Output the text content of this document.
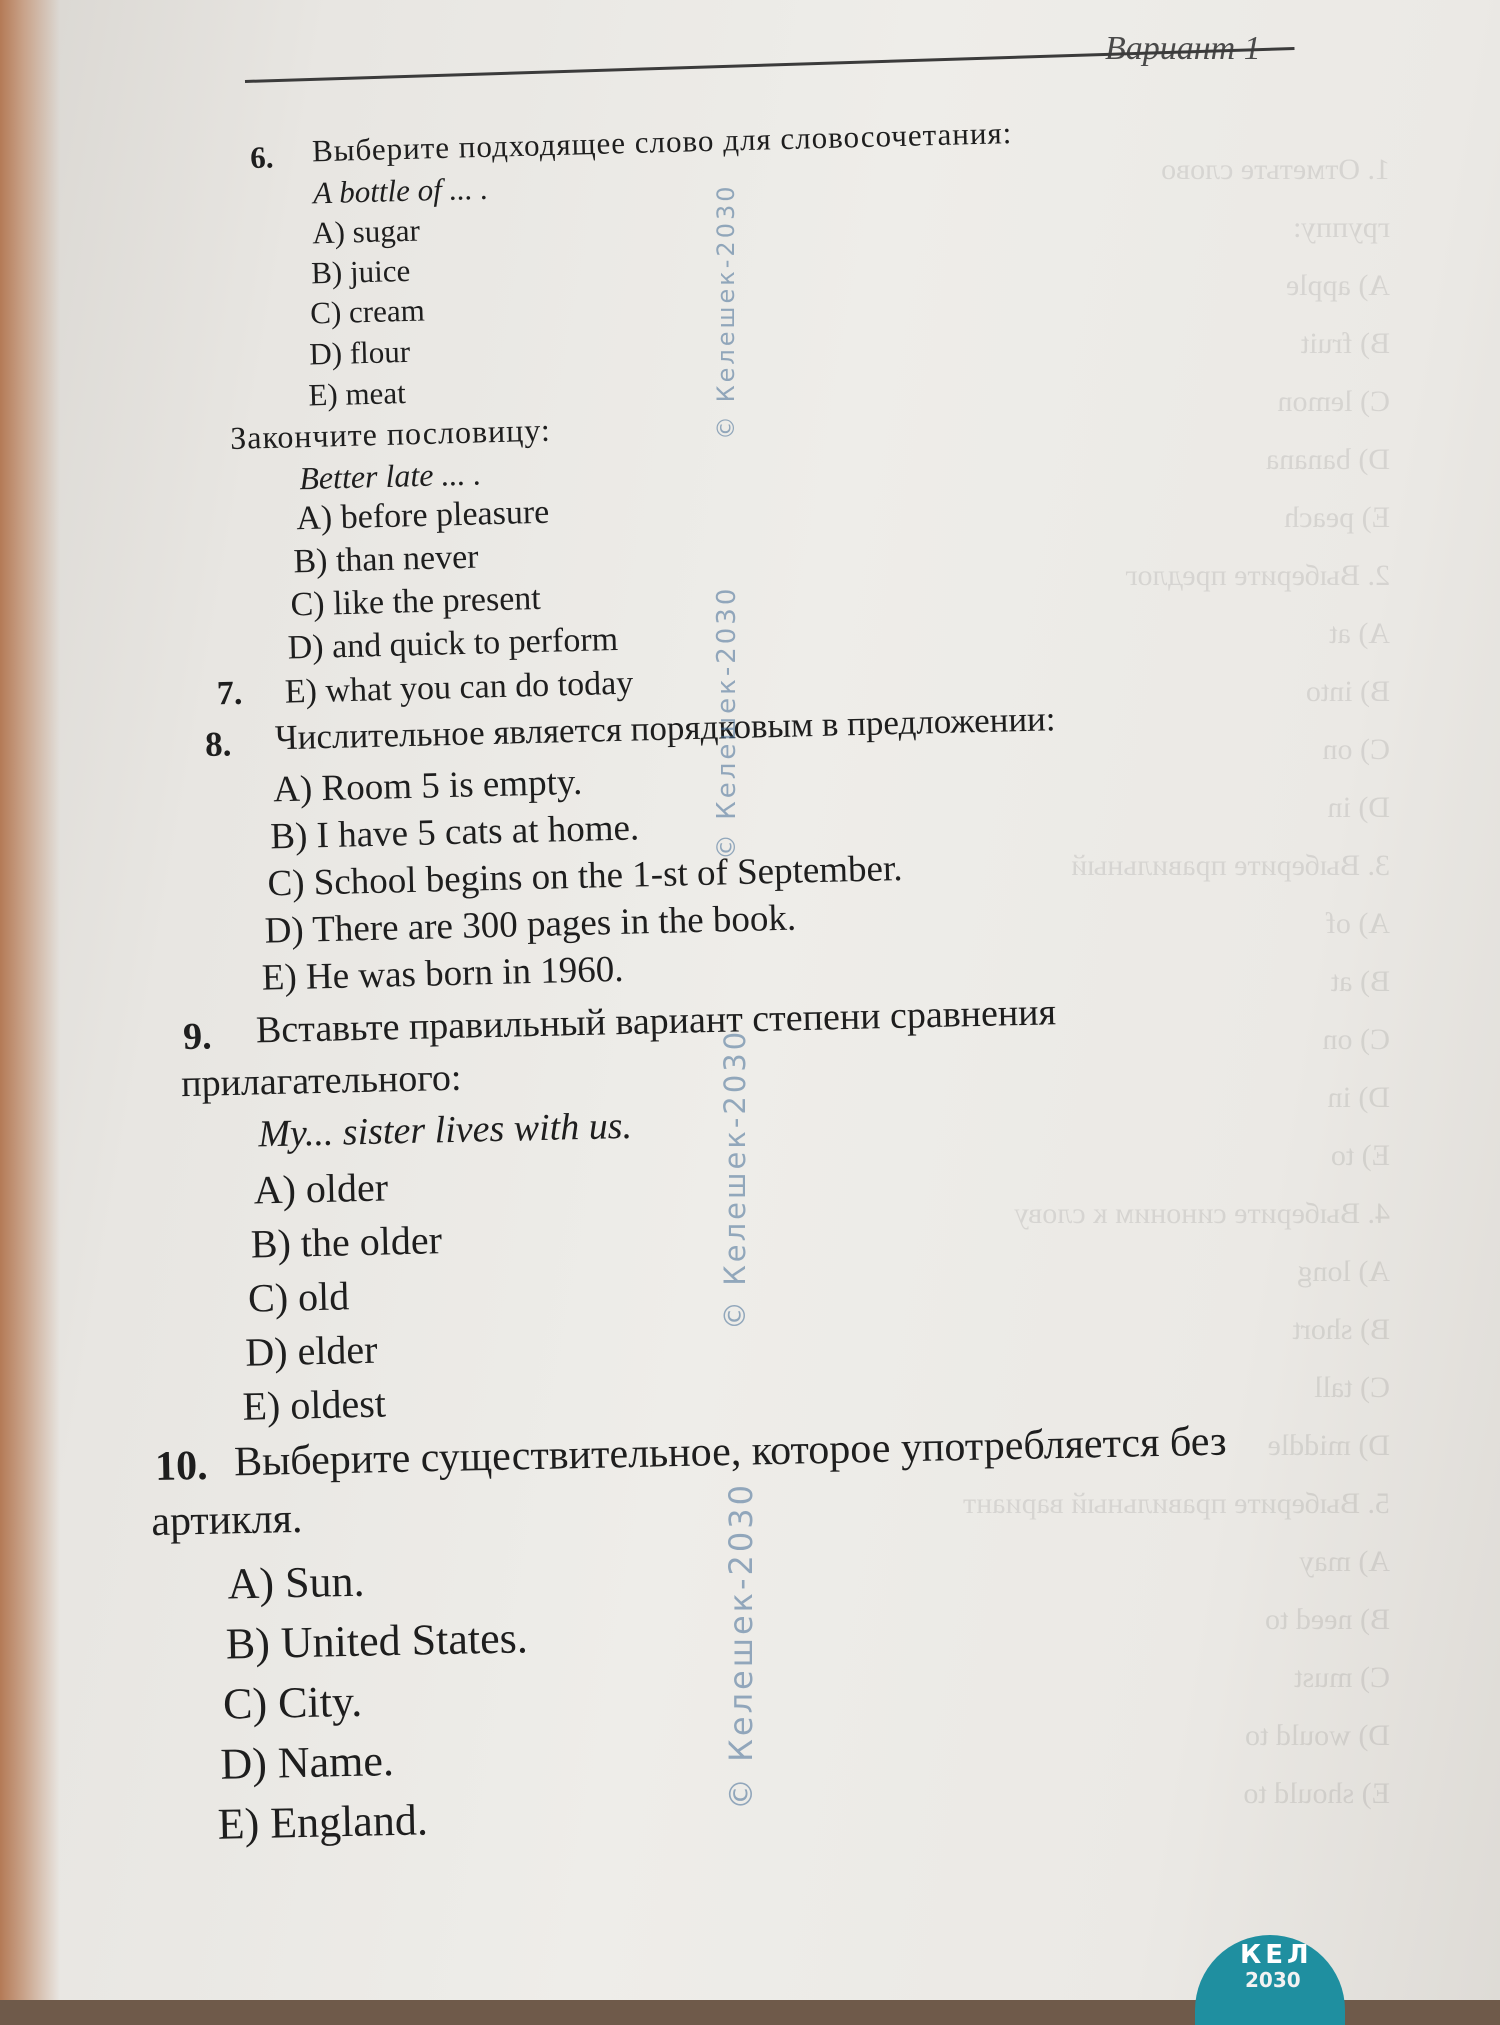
1. Отметьте слово
группу:
A) apple
B) fruit
C) lemon
D) banana
E) peach
2. Выберите предлог
A) at
B) into
C) on
D) in
3. Выберите правильный
A) of
B) at
C) on
D) in
E) to
4. Выберите синоним к слову
A) long
B) short
C) tall
D) middle
5. Выберите правильный вариант
A) may
B) need to
C) must
D) would to
E) should to
Вариант 1
6. Выберите подходящее слово для словосочетания:
A bottle of ... .
A) sugar
B) juice
C) cream
D) flour
E) meat
Закончите пословицу:
Better late ... .
A) before pleasure
B) than never
C) like the present
D) and quick to perform
7. E) what you can do today
8. Числительное является порядковым в предложении:
A) Room 5 is empty.
B) I have 5 cats at home.
C) School begins on the 1-st of September.
D) There are 300 pages in the book.
E) He was born in 1960.
9. Вставьте правильный вариант степени сравнения
прилагательного:
My... sister lives with us.
A) older
B) the older
C) old
D) elder
E) oldest
10. Выберите существительное, которое употребляется без
артикля.
A) Sun.
B) United States.
C) City.
D) Name.
E) England.
© Келешек-2030
© Келешек-2030
© Келешек-2030
© Келешек-2030
КЕЛ
2030
